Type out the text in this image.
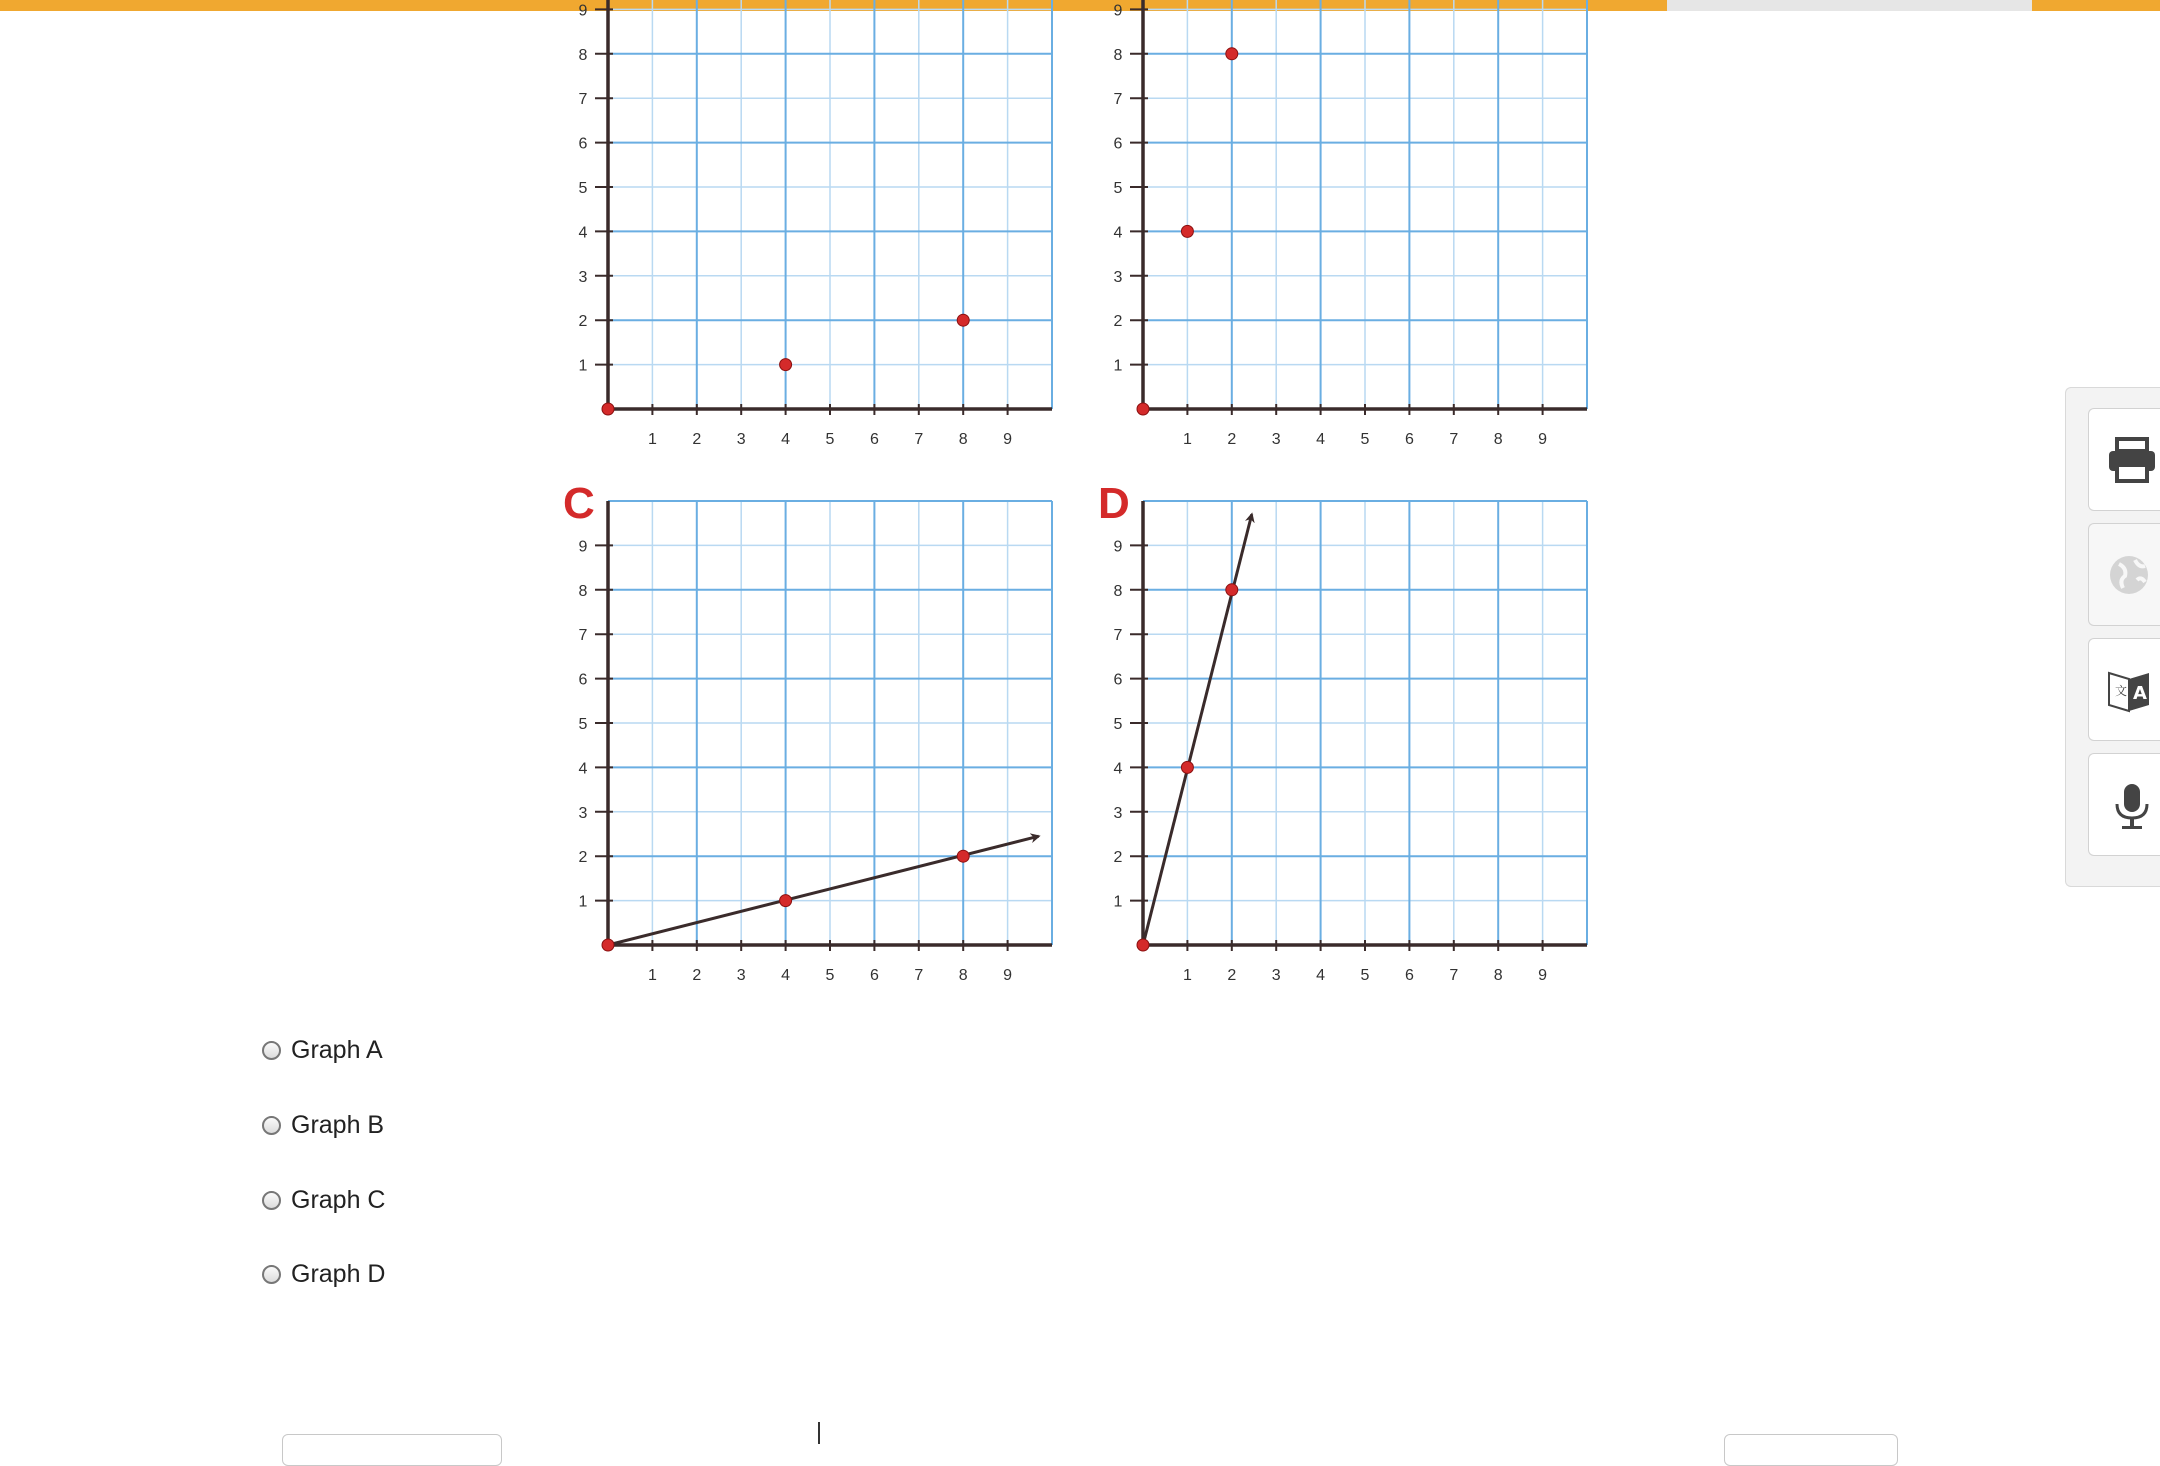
1 2 3 4 5 6 7 8 9
1
2
3
4
5
6
7
8
9
1 2 3 4 5 6 7 8 9
1
2
3
4
5
6
7
8
9
1 2 3 4 5 6 7 8 9
1
2
3
4
5
6
7
8
9
C
1 2 3 4 5 6 7 8 9
1
2
3
4
5
6
7
8
9
D
Graph A
Graph B
Graph C
Graph D
文 A
